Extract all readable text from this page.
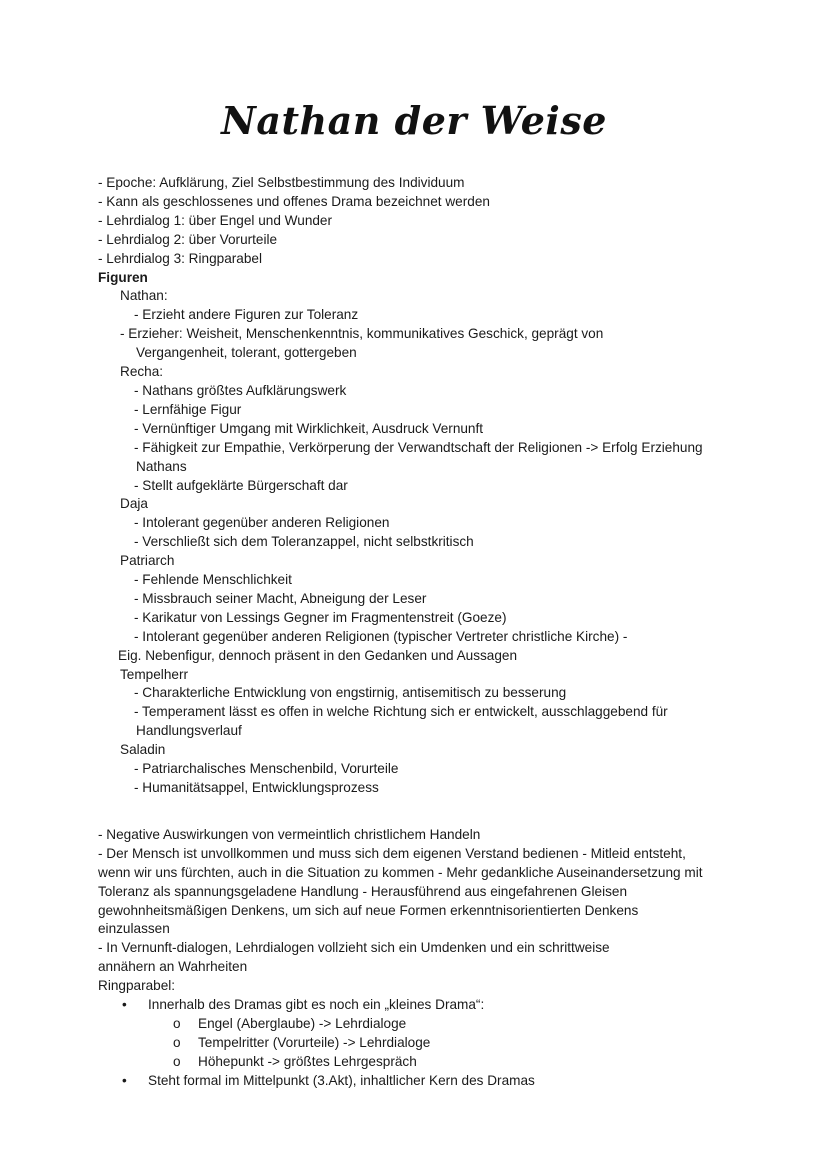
Nathan der Weise
- Epoche: Aufklärung, Ziel Selbstbestimmung des Individuum
- Kann als geschlossenes und offenes Drama bezeichnet werden
- Lehrdialog 1: über Engel und Wunder
- Lehrdialog 2: über Vorurteile
- Lehrdialog 3: Ringparabel
Figuren
Nathan:
- Erzieht andere Figuren zur Toleranz
- Erzieher: Weisheit, Menschenkenntnis, kommunikatives Geschick, geprägt von
Vergangenheit, tolerant, gottergeben
Recha:
- Nathans größtes Aufklärungswerk
- Lernfähige Figur
- Vernünftiger Umgang mit Wirklichkeit, Ausdruck Vernunft
- Fähigkeit zur Empathie, Verkörperung der Verwandtschaft der Religionen -> Erfolg Erziehung
Nathans
- Stellt aufgeklärte Bürgerschaft dar
Daja
- Intolerant gegenüber anderen Religionen
- Verschließt sich dem Toleranzappel, nicht selbstkritisch
Patriarch
- Fehlende Menschlichkeit
- Missbrauch seiner Macht, Abneigung der Leser
- Karikatur von Lessings Gegner im Fragmentenstreit (Goeze)
- Intolerant gegenüber anderen Religionen (typischer Vertreter christliche Kirche) -
Eig. Nebenfigur, dennoch präsent in den Gedanken und Aussagen
Tempelherr
- Charakterliche Entwicklung von engstirnig, antisemitisch zu besserung
- Temperament lässt es offen in welche Richtung sich er entwickelt, ausschlaggebend für
Handlungsverlauf
Saladin
- Patriarchalisches Menschenbild, Vorurteile
- Humanitätsappel, Entwicklungsprozess
- Negative Auswirkungen von vermeintlich christlichem Handeln
- Der Mensch ist unvollkommen und muss sich dem eigenen Verstand bedienen - Mitleid entsteht,
wenn wir uns fürchten, auch in die Situation zu kommen - Mehr gedankliche Auseinandersetzung mit
Toleranz als spannungsgeladene Handlung - Herausführend aus eingefahrenen Gleisen
gewohnheitsmäßigen Denkens, um sich auf neue Formen erkenntnisorientierten Denkens
einzulassen
- In Vernunft-dialogen, Lehrdialogen vollzieht sich ein Umdenken und ein schrittweise
annähern an Wahrheiten
Ringparabel:
• Innerhalb des Dramas gibt es noch ein „kleines Drama“:
o Engel (Aberglaube) -> Lehrdialoge
o Tempelritter (Vorurteile) -> Lehrdialoge
o Höhepunkt -> größtes Lehrgespräch
• Steht formal im Mittelpunkt (3.Akt), inhaltlicher Kern des Dramas
